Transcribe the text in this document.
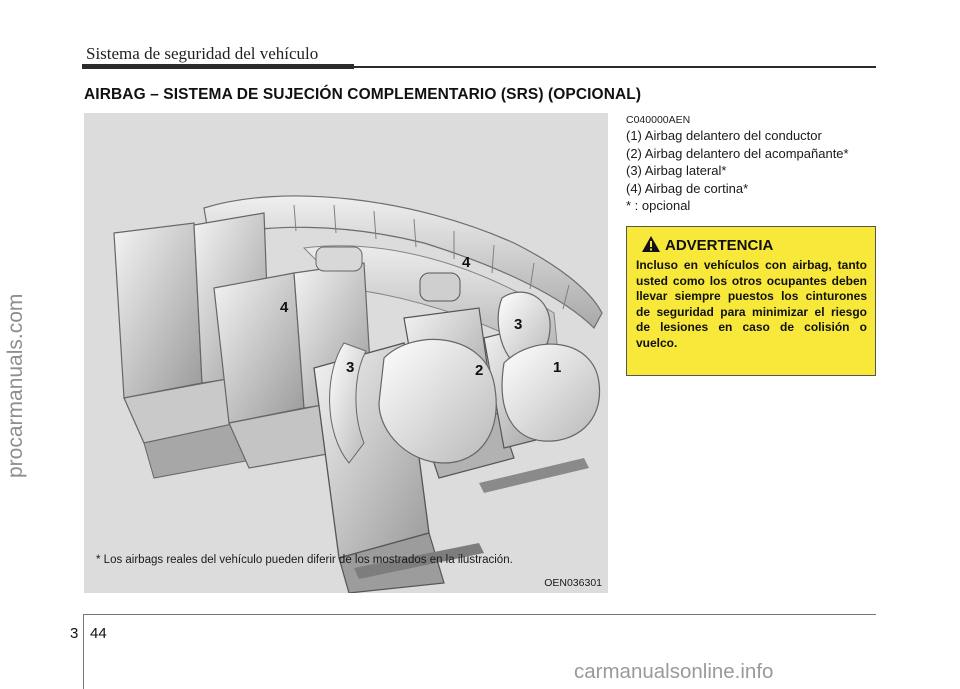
Sistema de seguridad del vehículo
AIRBAG – SISTEMA DE SUJECIÓN COMPLEMENTARIO (SRS) (OPCIONAL)
4
4
3
3
2	1
* Los airbags reales del vehículo pueden diferir de los mostrados en la ilustración.
OEN036301
C040000AEN
(1) Airbag delantero del conductor
(2) Airbag delantero del acompañante*
(3) Airbag lateral*
(4) Airbag de cortina*
* : opcional
ADVERTENCIA
Incluso en vehículos con airbag, tanto usted como los otros ocupantes deben llevar siempre puestos los cinturones de seguridad para minimizar el riesgo de lesiones en caso de colisión o vuelco.
procarmanuals.com
3 44
carmanualsonline.info
